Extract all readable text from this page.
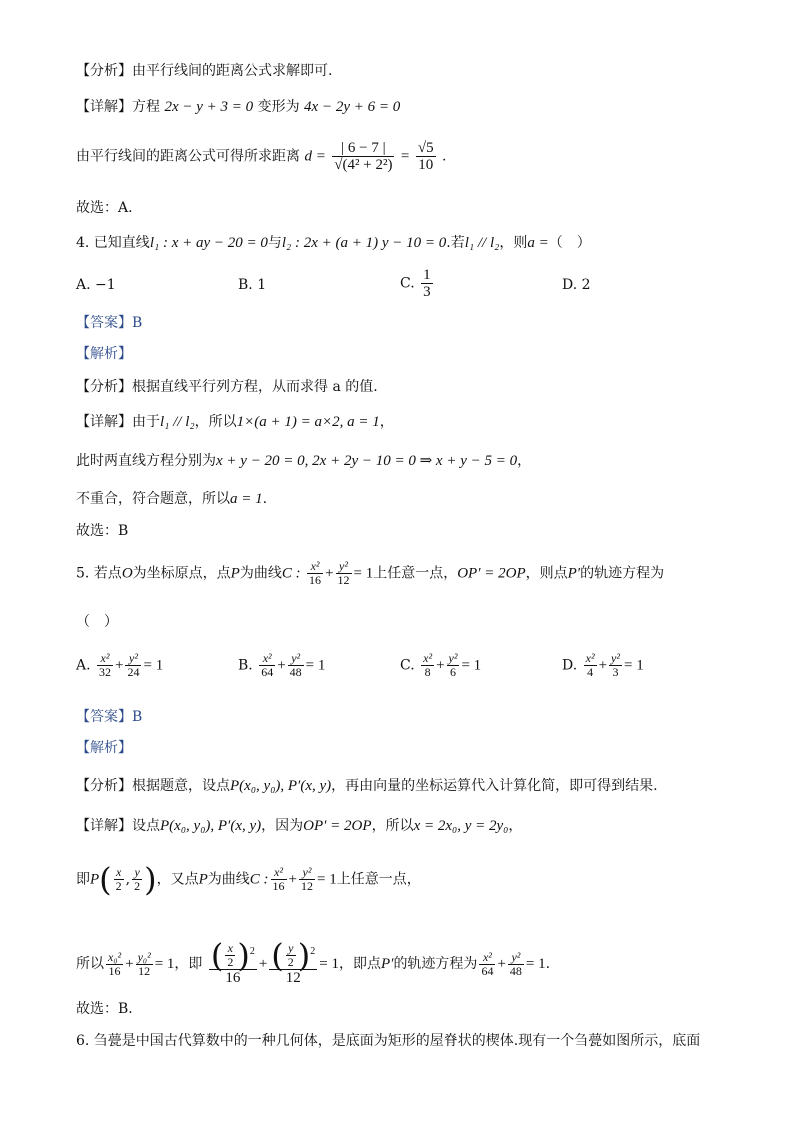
【分析】由平行线间的距离公式求解即可.
【详解】方程 2x − y + 3 = 0 变形为 4x − 2y + 6 = 0
由平行线间的距离公式可得所求距离 $d = \frac{| 6 - 7 |}{\text{√(4² + 2²)}} = \frac{√5}{10}$ .
故选：A.
4. 已知直线l₁ : x + ay − 20 = 0与l₂ : 2x + (a + 1) y − 10 = 0.若l₁ // l₂，则a =（　）
A. −1	B. 1	C. $\frac{1}{3}$	D. 2
【答案】B
【解析】
【分析】根据直线平行列方程，从而求得 a 的值.
【详解】由于l₁ // l₂，所以1×(a + 1) = a×2, a = 1，
此时两直线方程分别为x + y − 20 = 0, 2x + 2y − 10 = 0 ⇒ x + y − 5 = 0，
不重合，符合题意，所以a = 1.
故选：B
5. 若点O为坐标原点，点P为曲线C : $\frac{\text{x²}}{16} + \frac{\text{y²}}{12} = 1$上任意一点，OP′ = 2OP，则点P′的轨迹方程为
（　）
A. $\frac{\text{x²}}{32} + \frac{\text{y²}}{24} = 1$	B. $\frac{\text{x²}}{64} + \frac{\text{y²}}{48} = 1$	C. $\frac{\text{x²}}{8} + \frac{\text{y²}}{6} = 1$	D. $\frac{\text{x²}}{4} + \frac{\text{y²}}{3} = 1$
【答案】B
【解析】
【分析】根据题意，设点P(x₀, y₀), P′(x, y)，再由向量的坐标运算代入计算化简，即可得到结果.
【详解】设点P(x₀, y₀), P′(x, y)，因为OP′ = 2OP，所以x = 2x₀, y = 2y₀，
即$P( \frac{x}{2}$ , $\frac{y}{2}$ )，又点P为曲线C : $\frac{\text{x²}}{16} + \frac{\text{y²}}{12} = 1$上任意一点，
所以 $\frac{\text{x₀²}}{16} + \frac{\text{y₀²}}{12} = 1$，即 $\frac{( \frac{x}{2} )^2}{16} + \frac{( \frac{y}{2} )^2}{12} = 1$，即点P′的轨迹方程为 $\frac{\text{x²}}{64} + \frac{\text{y²}}{48} = 1$.
故选：B.
6. 刍甍是中国古代算数中的一种几何体，是底面为矩形的屋脊状的楔体.现有一个刍甍如图所示，底面
